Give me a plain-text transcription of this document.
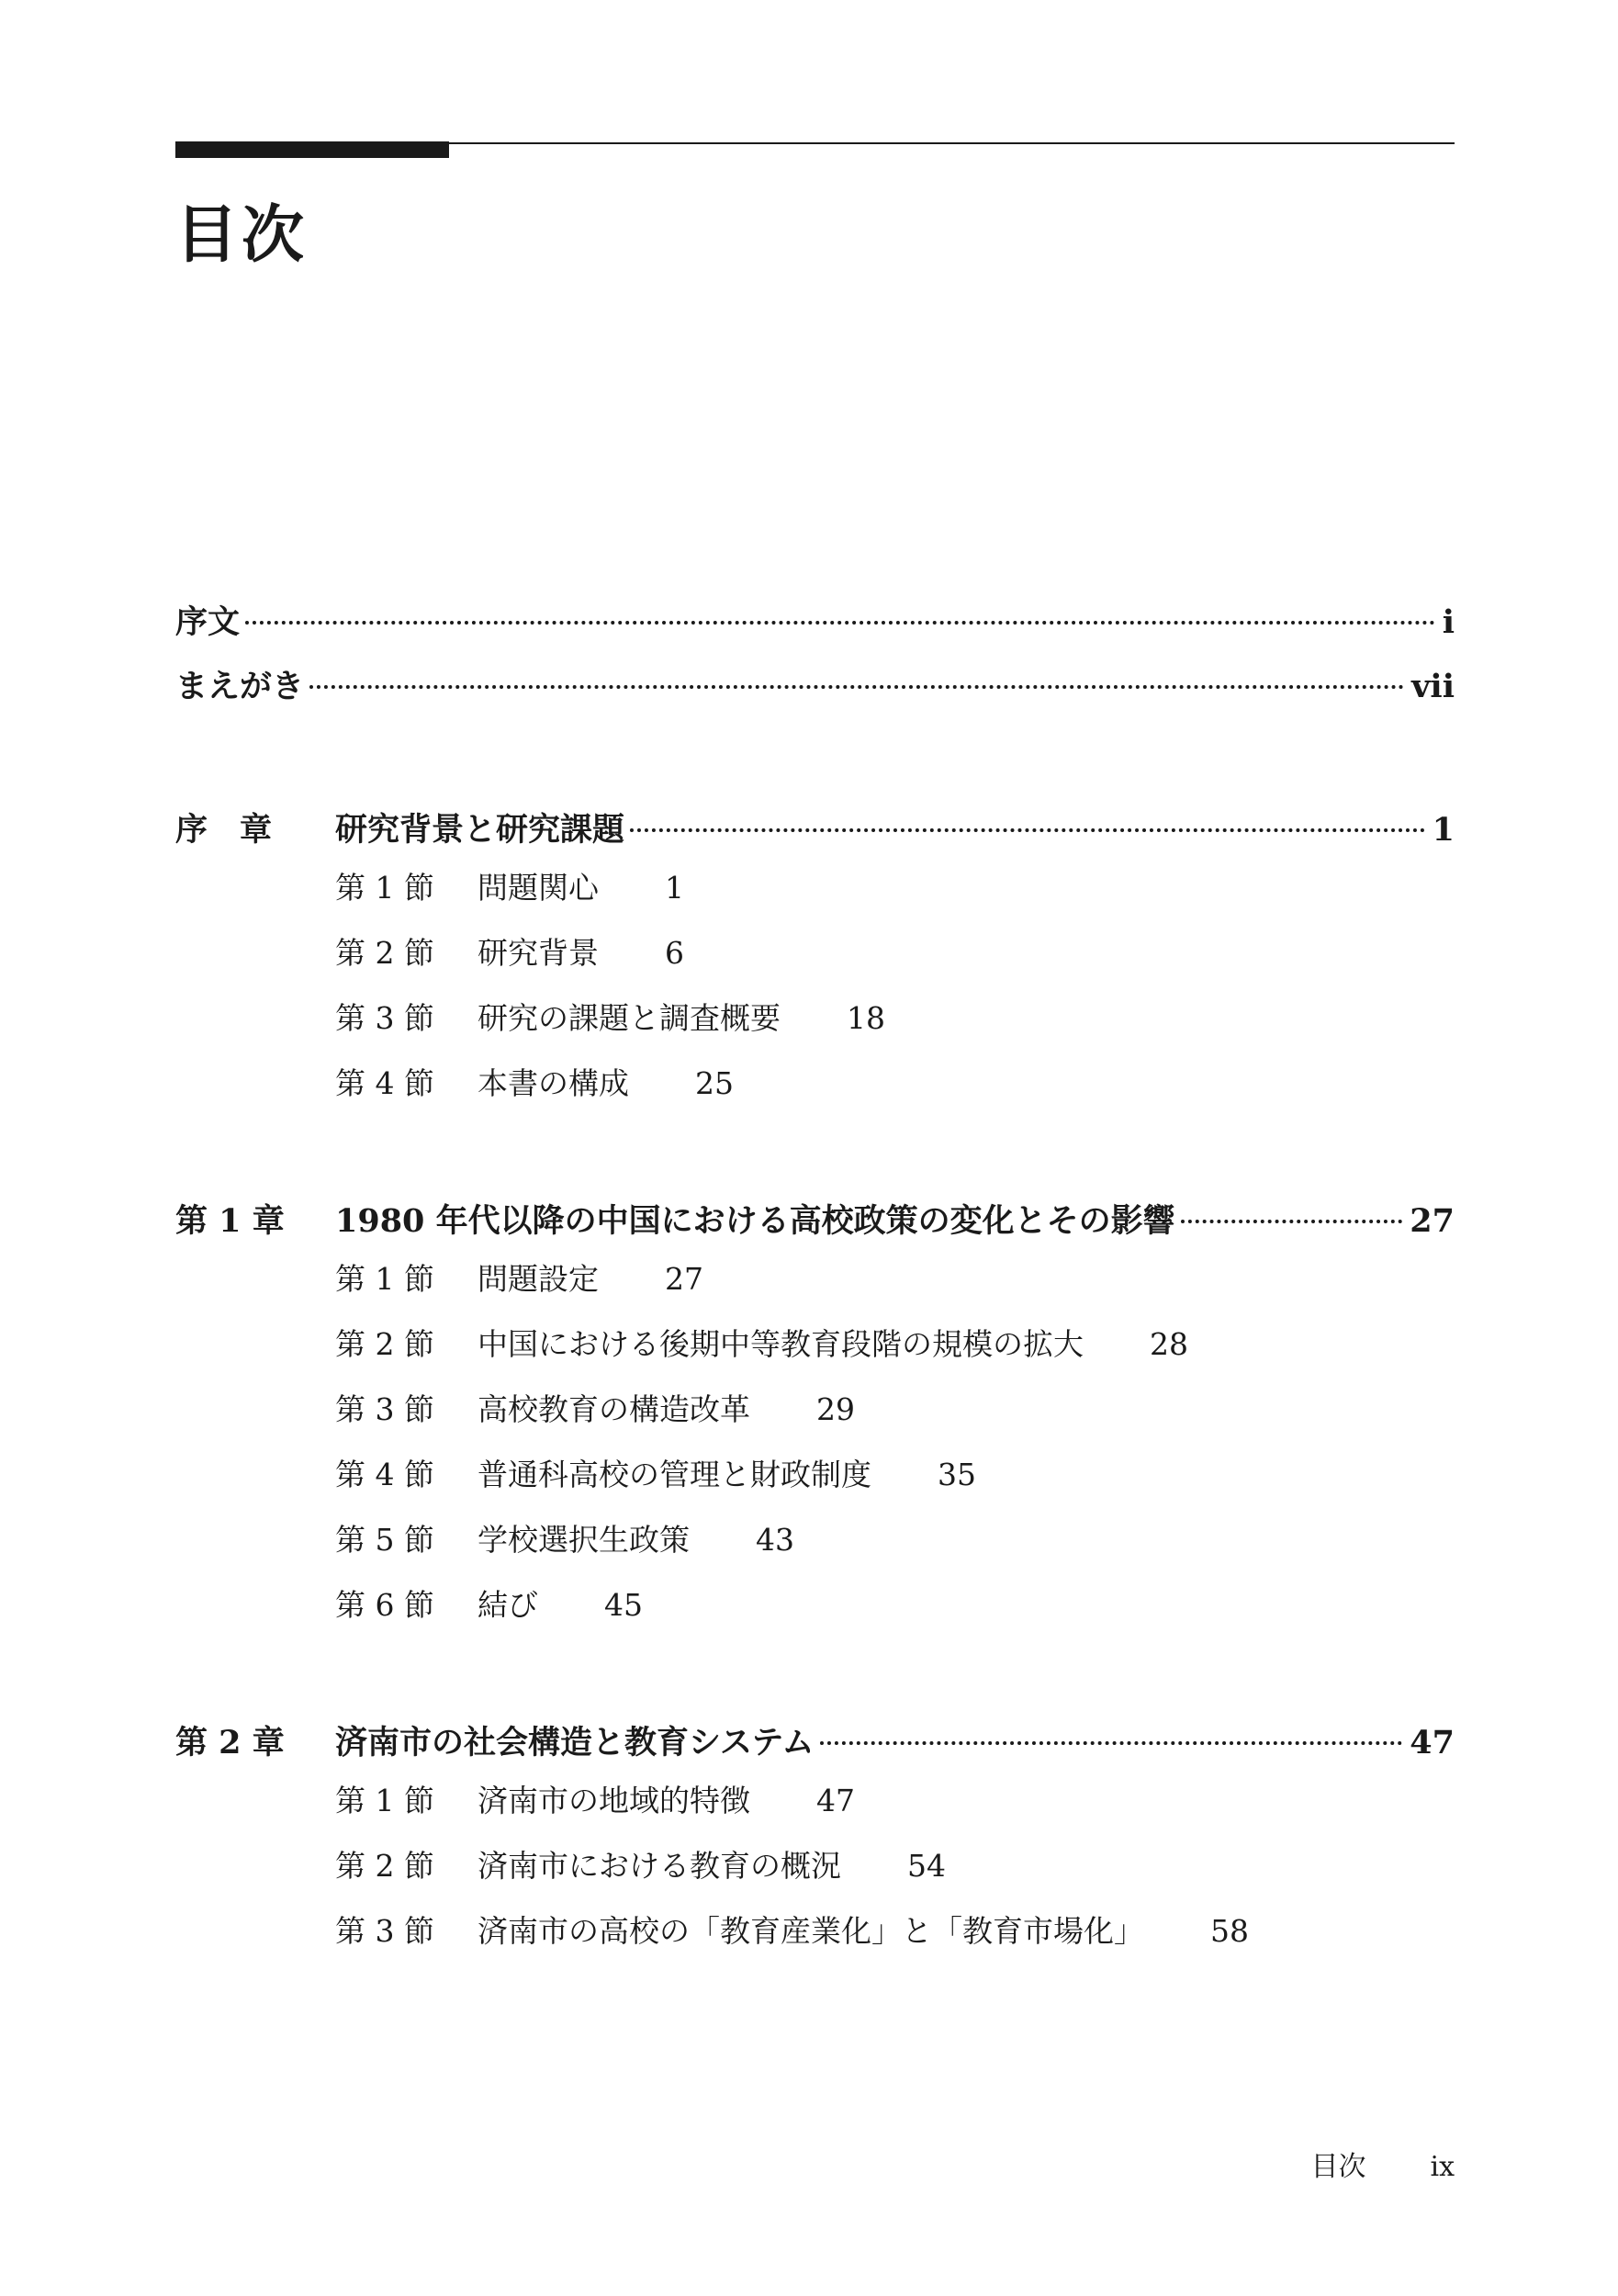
目次
序文	i
まえがき	vii
序　章	研究背景と研究課題	1
第 1 節	問題関心 1
第 2 節	研究背景 6
第 3 節	研究の課題と調査概要 18
第 4 節	本書の構成 25
第 1 章	1980 年代以降の中国における高校政策の変化とその影響	27
第 1 節	問題設定 27
第 2 節	中国における後期中等教育段階の規模の拡大 28
第 3 節	高校教育の構造改革 29
第 4 節	普通科高校の管理と財政制度 35
第 5 節	学校選択生政策 43
第 6 節	結び 45
第 2 章	済南市の社会構造と教育システム	47
第 1 節	済南市の地域的特徴 47
第 2 節	済南市における教育の概況 54
第 3 節	済南市の高校の「教育産業化」と「教育市場化」 58
目次 ix
